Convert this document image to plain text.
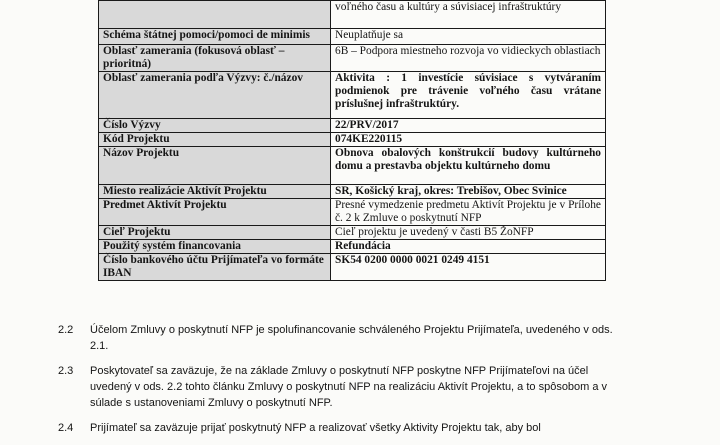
	voľného času a kultúry a súvisiacej infraštruktúry
Schéma štátnej pomoci/pomoci de minimis	Neuplatňuje sa
Oblasť zamerania (fokusová oblasť – prioritná)	6B – Podpora miestneho rozvoja vo vidieckych oblastiach
Oblasť zamerania podľa Výzvy: č./názov	Aktivita : 1 investície súvisiace s vytváraním podmienok pre trávenie voľného času vrátane príslušnej infraštruktúry.
Číslo Výzvy	22/PRV/2017
Kód Projektu	074KE220115
Názov Projektu	Obnova obalových konštrukcií budovy kultúrneho domu a prestavba objektu kultúrneho domu
Miesto realizácie Aktivít Projektu	SR, Košický kraj, okres: Trebišov, Obec Svinice
Predmet Aktivít Projektu	Presné vymedzenie predmetu Aktivít Projektu je v Prílohe č. 2 k Zmluve o poskytnutí NFP
Cieľ Projektu	Cieľ projektu je uvedený v časti B5 ŽoNFP
Použitý systém financovania	Refundácia
Číslo bankového účtu Prijímateľa vo formáte IBAN	SK54 0200 0000 0021 0249 4151
2.2	Účelom Zmluvy o poskytnutí NFP je spolufinancovanie schváleného Projektu Prijímateľa, uvedeného v ods. 2.1.
2.3	Poskytovateľ sa zaväzuje, že na základe Zmluvy o poskytnutí NFP poskytne NFP Prijímateľovi na účel uvedený v ods. 2.2 tohto článku Zmluvy o poskytnutí NFP na realizáciu Aktivít Projektu, a to spôsobom a v súlade s ustanoveniami Zmluvy o poskytnutí NFP.
2.4	Prijímateľ sa zaväzuje prijať poskytnutý NFP a realizovať všetky Aktivity Projektu tak, aby bol
